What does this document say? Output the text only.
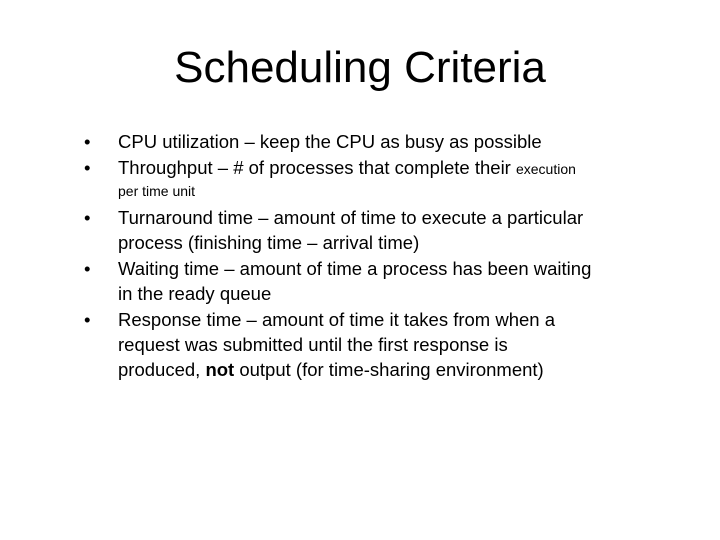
Scheduling Criteria
•	CPU utilization – keep the CPU as busy as possible
•	Throughput – # of processes that complete their execution
per time unit
•	Turnaround time – amount of time to execute a particular
process (finishing time – arrival time)
•	Waiting time – amount of time a process has been waiting
in the ready queue
•	Response time – amount of time it takes from when a
request was submitted until the first response is
produced, not output (for time-sharing environment)
